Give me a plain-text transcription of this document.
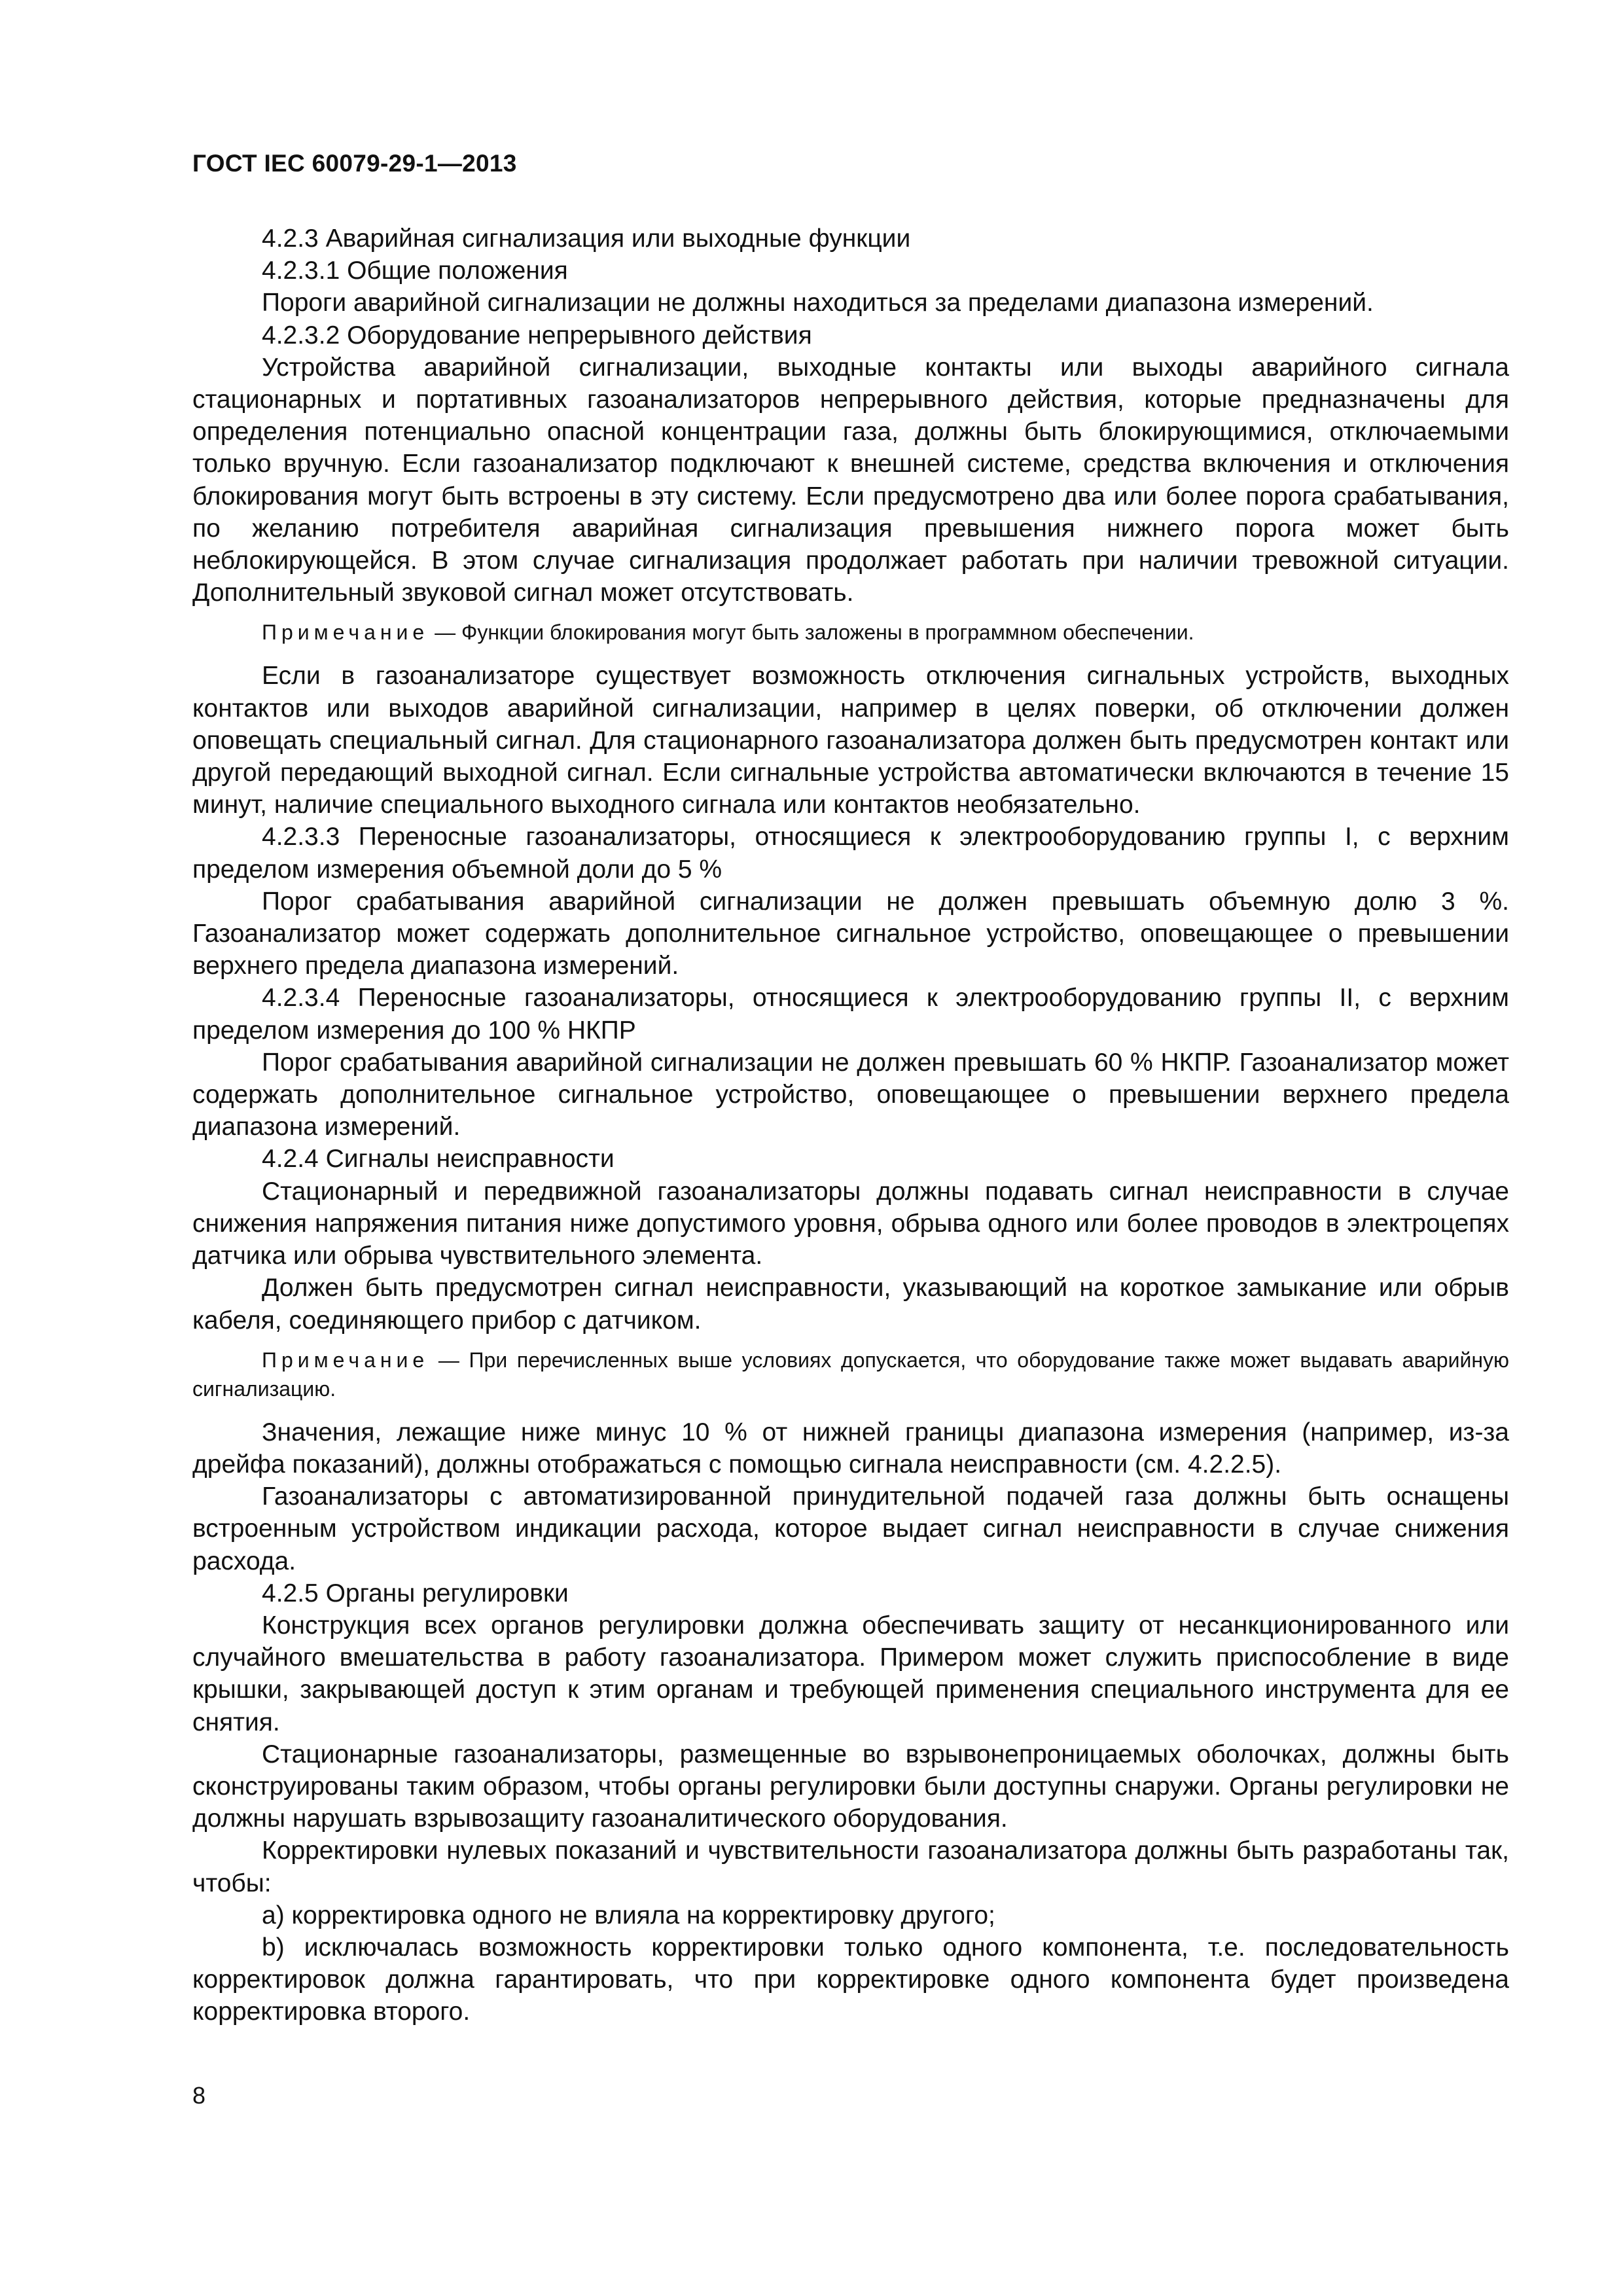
ГОСТ IEC 60079-29-1—2013

4.2.3 Аварийная сигнализация или выходные функции

4.2.3.1 Общие положения

Пороги аварийной сигнализации не должны находиться за пределами диапазона измерений.

4.2.3.2 Оборудование непрерывного действия

Устройства аварийной сигнализации, выходные контакты или выходы аварийного сигнала стационарных и портативных газоанализаторов непрерывного действия, которые предназначены для определения потенциально опасной концентрации газа, должны быть блокирующимися, отключаемыми только вручную. Если газоанализатор подключают к внешней системе, средства включения и отключения блокирования могут быть встроены в эту систему. Если предусмотрено два или более порога срабатывания, по желанию потребителя аварийная сигнализация превышения нижнего порога может быть неблокирующейся. В этом случае сигнализация продолжает работать при наличии тревожной ситуации. Дополнительный звуковой сигнал может отсутствовать.

Примечание — Функции блокирования могут быть заложены в программном обеспечении.

Если в газоанализаторе существует возможность отключения сигнальных устройств, выходных контактов или выходов аварийной сигнализации, например в целях поверки, об отключении должен оповещать специальный сигнал. Для стационарного газоанализатора должен быть предусмотрен контакт или другой передающий выходной сигнал. Если сигнальные устройства автоматически включаются в течение 15 минут, наличие специального выходного сигнала или контактов необязательно.

4.2.3.3 Переносные газоанализаторы, относящиеся к электрооборудованию группы I, с верхним пределом измерения объемной доли до 5 %

Порог срабатывания аварийной сигнализации не должен превышать объемную долю 3 %. Газоанализатор может содержать дополнительное сигнальное устройство, оповещающее о превышении верхнего предела диапазона измерений.

4.2.3.4 Переносные газоанализаторы, относящиеся к электрооборудованию группы II, с верхним пределом измерения до 100 % НКПР

Порог срабатывания аварийной сигнализации не должен превышать 60 % НКПР. Газоанализатор может содержать дополнительное сигнальное устройство, оповещающее о превышении верхнего предела диапазона измерений.

4.2.4 Сигналы неисправности

Стационарный и передвижной газоанализаторы должны подавать сигнал неисправности в случае снижения напряжения питания ниже допустимого уровня, обрыва одного или более проводов в электроцепях датчика или обрыва чувствительного элемента.

Должен быть предусмотрен сигнал неисправности, указывающий на короткое замыкание или обрыв кабеля, соединяющего прибор с датчиком.

Примечание — При перечисленных выше условиях допускается, что оборудование также может выдавать аварийную сигнализацию.

Значения, лежащие ниже минус 10 % от нижней границы диапазона измерения (например, из-за дрейфа показаний), должны отображаться с помощью сигнала неисправности (см. 4.2.2.5).

Газоанализаторы с автоматизированной принудительной подачей газа должны быть оснащены встроенным устройством индикации расхода, которое выдает сигнал неисправности в случае снижения расхода.

4.2.5 Органы регулировки

Конструкция всех органов регулировки должна обеспечивать защиту от несанкционированного или случайного вмешательства в работу газоанализатора. Примером может служить приспособление в виде крышки, закрывающей доступ к этим органам и требующей применения специального инструмента для ее снятия.

Стационарные газоанализаторы, размещенные во взрывонепроницаемых оболочках, должны быть сконструированы таким образом, чтобы органы регулировки были доступны снаружи. Органы регулировки не должны нарушать взрывозащиту газоаналитического оборудования.

Корректировки нулевых показаний и чувствительности газоанализатора должны быть разработаны так, чтобы:

a) корректировка одного не влияла на корректировку другого;

b) исключалась возможность корректировки только одного компонента, т.е. последовательность корректировок должна гарантировать, что при корректировке одного компонента будет произведена корректировка второго.

8
